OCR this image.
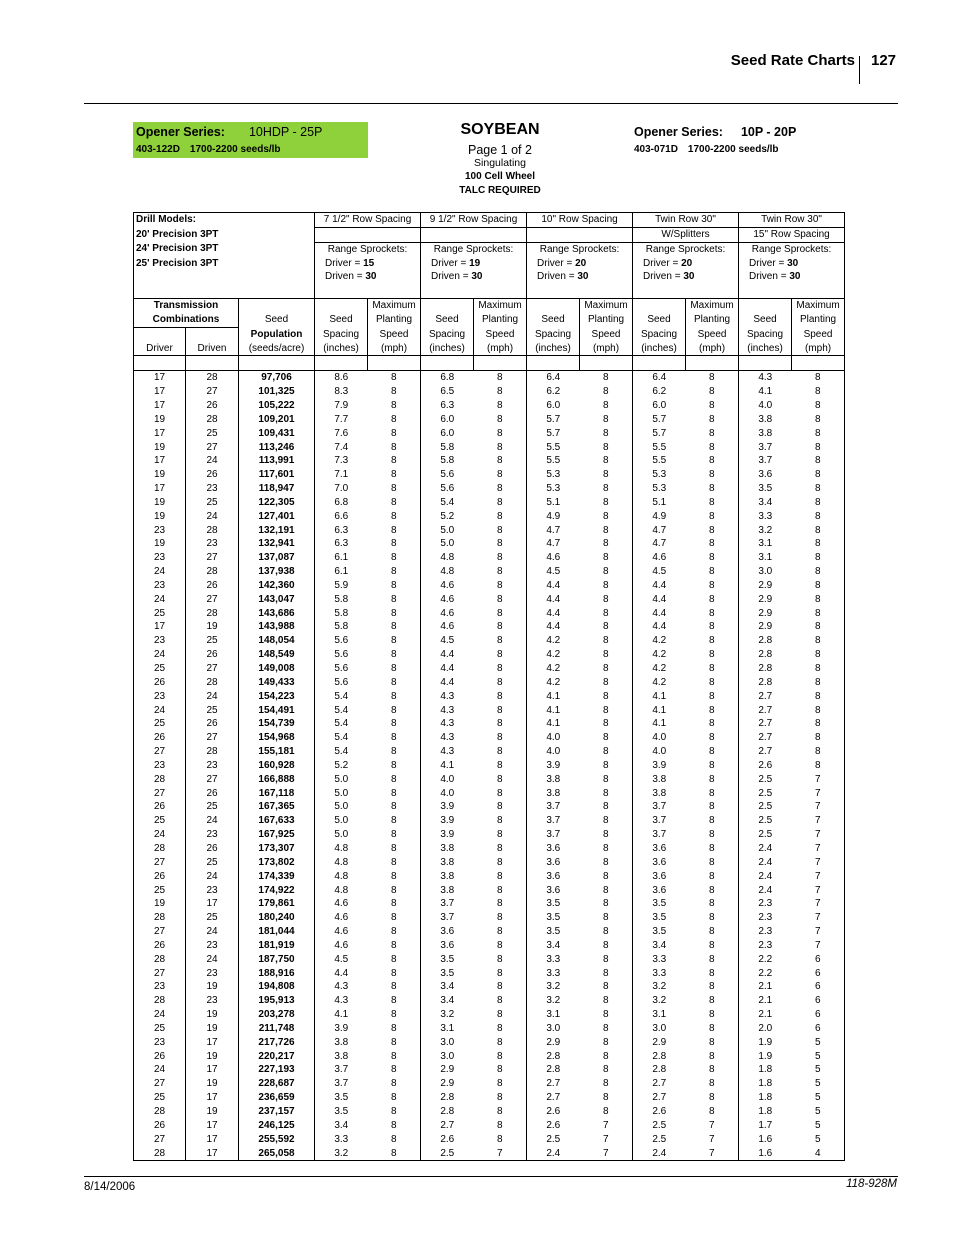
Seed Rate Charts 127
Opener Series: 10HDP - 25P
403-122D 1700-2200 seeds/lb
Opener Series: 10P - 20P
403-071D 1700-2200 seeds/lb
SOYBEAN
Page 1 of 2
Singulating
100 Cell Wheel
TALC REQUIRED
Drill Models:			7 1/2" Row Spacing		9 1/2" Row Spacing		10" Row Spacing		Twin Row 30"		Twin Row 30"	
20' Precision 3PT									W/Splitters		15" Row Spacing	
24' Precision 3PT			Range Sprockets:		Range Sprockets:		Range Sprockets:		Range Sprockets:		Range Sprockets:	
25' Precision 3PT			Driver = 15		Driver = 19		Driver = 20		Driver = 20		Driver = 30	
			Driven = 30		Driven = 30		Driven = 30		Driven = 30		Driven = 30	

Transmission				Maximum		Maximum		Maximum		Maximum		Maximum
Combinations		Seed	Seed	Planting	Seed	Planting	Seed	Planting	Seed	Planting	Seed	Planting
		Population	Spacing	Speed	Spacing	Speed	Spacing	Speed	Spacing	Speed	Spacing	Speed
Driver	Driven	(seeds/acre)	(inches)	(mph)	(inches)	(mph)	(inches)	(mph)	(inches)	(mph)	(inches)	(mph)

17	28	97,706	8.6	8	6.8	8	6.4	8	6.4	8	4.3	8
17	27	101,325	8.3	8	6.5	8	6.2	8	6.2	8	4.1	8
17	26	105,222	7.9	8	6.3	8	6.0	8	6.0	8	4.0	8
19	28	109,201	7.7	8	6.0	8	5.7	8	5.7	8	3.8	8
17	25	109,431	7.6	8	6.0	8	5.7	8	5.7	8	3.8	8
19	27	113,246	7.4	8	5.8	8	5.5	8	5.5	8	3.7	8
17	24	113,991	7.3	8	5.8	8	5.5	8	5.5	8	3.7	8
19	26	117,601	7.1	8	5.6	8	5.3	8	5.3	8	3.6	8
17	23	118,947	7.0	8	5.6	8	5.3	8	5.3	8	3.5	8
19	25	122,305	6.8	8	5.4	8	5.1	8	5.1	8	3.4	8
19	24	127,401	6.6	8	5.2	8	4.9	8	4.9	8	3.3	8
23	28	132,191	6.3	8	5.0	8	4.7	8	4.7	8	3.2	8
19	23	132,941	6.3	8	5.0	8	4.7	8	4.7	8	3.1	8
23	27	137,087	6.1	8	4.8	8	4.6	8	4.6	8	3.1	8
24	28	137,938	6.1	8	4.8	8	4.5	8	4.5	8	3.0	8
23	26	142,360	5.9	8	4.6	8	4.4	8	4.4	8	2.9	8
24	27	143,047	5.8	8	4.6	8	4.4	8	4.4	8	2.9	8
25	28	143,686	5.8	8	4.6	8	4.4	8	4.4	8	2.9	8
17	19	143,988	5.8	8	4.6	8	4.4	8	4.4	8	2.9	8
23	25	148,054	5.6	8	4.5	8	4.2	8	4.2	8	2.8	8
24	26	148,549	5.6	8	4.4	8	4.2	8	4.2	8	2.8	8
25	27	149,008	5.6	8	4.4	8	4.2	8	4.2	8	2.8	8
26	28	149,433	5.6	8	4.4	8	4.2	8	4.2	8	2.8	8
23	24	154,223	5.4	8	4.3	8	4.1	8	4.1	8	2.7	8
24	25	154,491	5.4	8	4.3	8	4.1	8	4.1	8	2.7	8
25	26	154,739	5.4	8	4.3	8	4.1	8	4.1	8	2.7	8
26	27	154,968	5.4	8	4.3	8	4.0	8	4.0	8	2.7	8
27	28	155,181	5.4	8	4.3	8	4.0	8	4.0	8	2.7	8
23	23	160,928	5.2	8	4.1	8	3.9	8	3.9	8	2.6	8
28	27	166,888	5.0	8	4.0	8	3.8	8	3.8	8	2.5	7
27	26	167,118	5.0	8	4.0	8	3.8	8	3.8	8	2.5	7
26	25	167,365	5.0	8	3.9	8	3.7	8	3.7	8	2.5	7
25	24	167,633	5.0	8	3.9	8	3.7	8	3.7	8	2.5	7
24	23	167,925	5.0	8	3.9	8	3.7	8	3.7	8	2.5	7
28	26	173,307	4.8	8	3.8	8	3.6	8	3.6	8	2.4	7
27	25	173,802	4.8	8	3.8	8	3.6	8	3.6	8	2.4	7
26	24	174,339	4.8	8	3.8	8	3.6	8	3.6	8	2.4	7
25	23	174,922	4.8	8	3.8	8	3.6	8	3.6	8	2.4	7
19	17	179,861	4.6	8	3.7	8	3.5	8	3.5	8	2.3	7
28	25	180,240	4.6	8	3.7	8	3.5	8	3.5	8	2.3	7
27	24	181,044	4.6	8	3.6	8	3.5	8	3.5	8	2.3	7
26	23	181,919	4.6	8	3.6	8	3.4	8	3.4	8	2.3	7
28	24	187,750	4.5	8	3.5	8	3.3	8	3.3	8	2.2	6
27	23	188,916	4.4	8	3.5	8	3.3	8	3.3	8	2.2	6
23	19	194,808	4.3	8	3.4	8	3.2	8	3.2	8	2.1	6
28	23	195,913	4.3	8	3.4	8	3.2	8	3.2	8	2.1	6
24	19	203,278	4.1	8	3.2	8	3.1	8	3.1	8	2.1	6
25	19	211,748	3.9	8	3.1	8	3.0	8	3.0	8	2.0	6
23	17	217,726	3.8	8	3.0	8	2.9	8	2.9	8	1.9	5
26	19	220,217	3.8	8	3.0	8	2.8	8	2.8	8	1.9	5
24	17	227,193	3.7	8	2.9	8	2.8	8	2.8	8	1.8	5
27	19	228,687	3.7	8	2.9	8	2.7	8	2.7	8	1.8	5
25	17	236,659	3.5	8	2.8	8	2.7	8	2.7	8	1.8	5
28	19	237,157	3.5	8	2.8	8	2.6	8	2.6	8	1.8	5
26	17	246,125	3.4	8	2.7	8	2.6	7	2.5	7	1.7	5
27	17	255,592	3.3	8	2.6	8	2.5	7	2.5	7	1.6	5
28	17	265,058	3.2	8	2.5	7	2.4	7	2.4	7	1.6	4
8/14/2006	118-928M
